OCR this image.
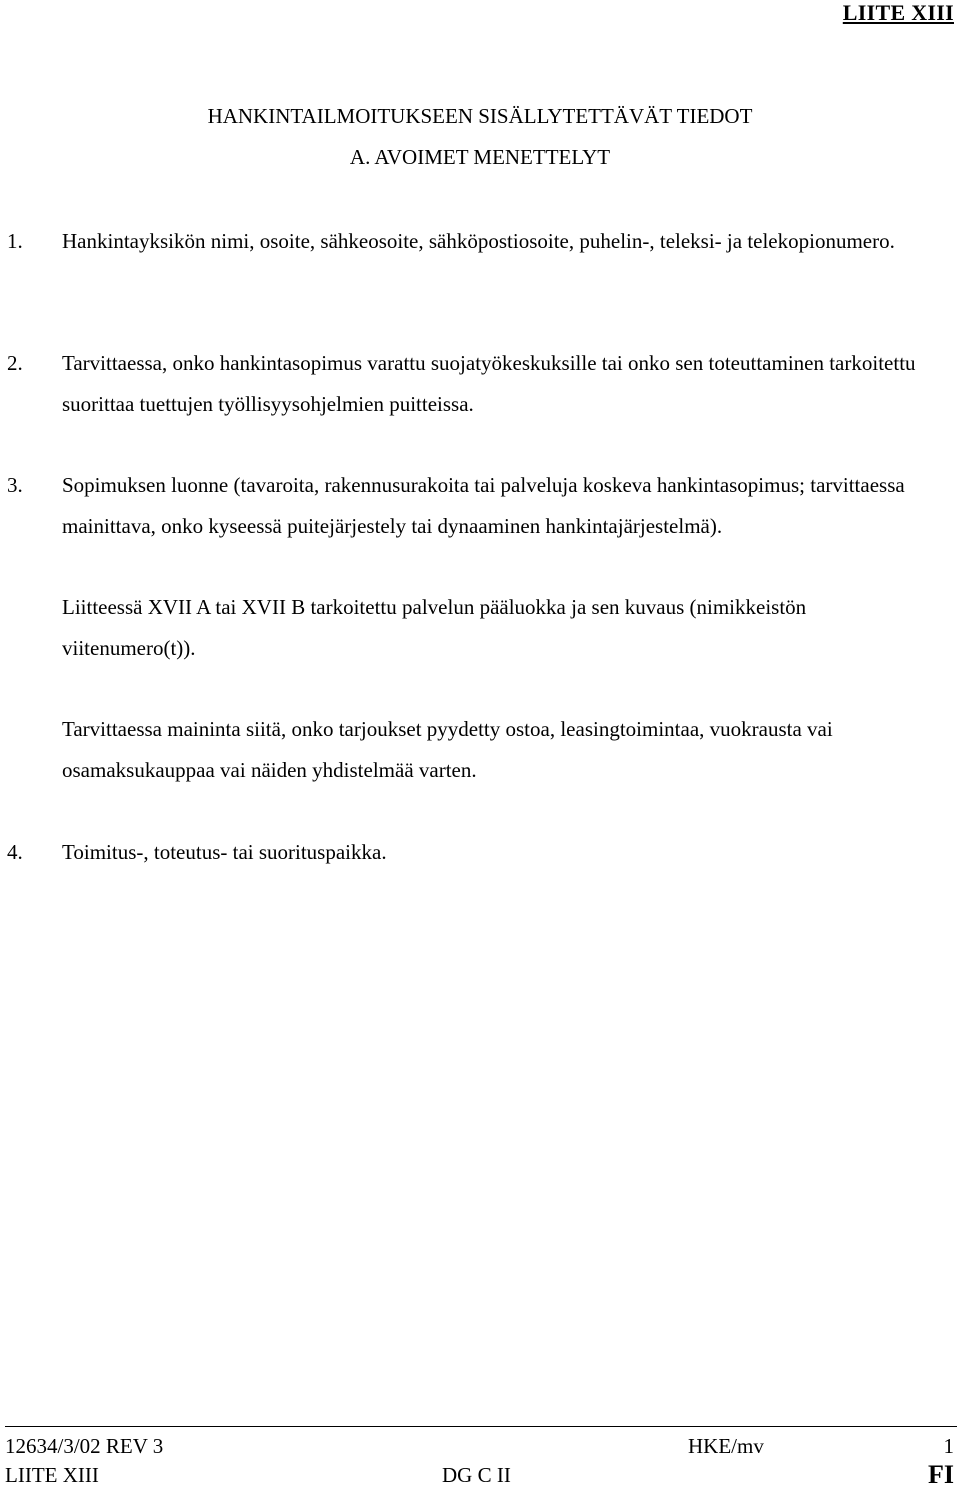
LIITE XIII
HANKINTAILMOITUKSEEN SISÄLLYTETTÄVÄT TIEDOT
A. AVOIMET MENETTELYT
1. Hankintayksikön nimi, osoite, sähkeosoite, sähköpostiosoite, puhelin-, teleksi- ja telekopionumero.
2. Tarvittaessa, onko hankintasopimus varattu suojatyökeskuksille tai onko sen toteuttaminen tarkoitettu suorittaa tuettujen työllisyysohjelmien puitteissa.
3. Sopimuksen luonne (tavaroita, rakennusurakoita tai palveluja koskeva hankintasopimus; tarvittaessa mainittava, onko kyseessä puitejärjestely tai dynaaminen hankintajärjestelmä).
Liitteessä XVII A tai XVII B tarkoitettu palvelun pääluokka ja sen kuvaus (nimikkeistön viitenumero(t)).
Tarvittaessa maininta siitä, onko tarjoukset pyydetty ostoa, leasingtoimintaa, vuokrausta vai osamaksukauppaa vai näiden yhdistelmää varten.
4. Toimitus-, toteutus- tai suorituspaikka.
12634/3/02 REV 3	HKE/mv	1
LIITE XIII	DG C II	FI
